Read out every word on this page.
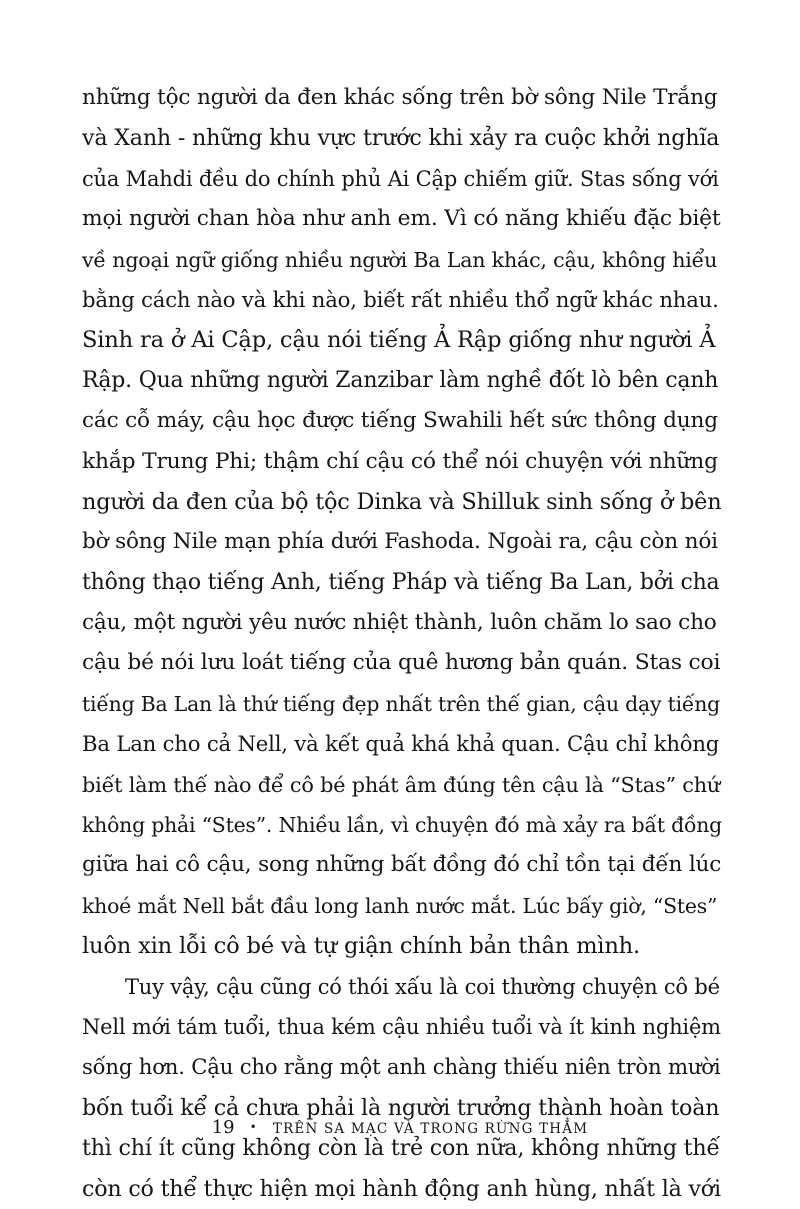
những tộc người da đen khác sống trên bờ sông Nile Trắng
và Xanh - những khu vực trước khi xảy ra cuộc khởi nghĩa
của Mahdi đều do chính phủ Ai Cập chiếm giữ. Stas sống với
mọi người chan hòa như anh em. Vì có năng khiếu đặc biệt
về ngoại ngữ giống nhiều người Ba Lan khác, cậu, không hiểu
bằng cách nào và khi nào, biết rất nhiều thổ ngữ khác nhau.
Sinh ra ở Ai Cập, cậu nói tiếng Ả Rập giống như người Ả
Rập. Qua những người Zanzibar làm nghề đốt lò bên cạnh
các cỗ máy, cậu học được tiếng Swahili hết sức thông dụng
khắp Trung Phi; thậm chí cậu có thể nói chuyện với những
người da đen của bộ tộc Dinka và Shilluk sinh sống ở bên
bờ sông Nile mạn phía dưới Fashoda. Ngoài ra, cậu còn nói
thông thạo tiếng Anh, tiếng Pháp và tiếng Ba Lan, bởi cha
cậu, một người yêu nước nhiệt thành, luôn chăm lo sao cho
cậu bé nói lưu loát tiếng của quê hương bản quán. Stas coi
tiếng Ba Lan là thứ tiếng đẹp nhất trên thế gian, cậu dạy tiếng
Ba Lan cho cả Nell, và kết quả khá khả quan. Cậu chỉ không
biết làm thế nào để cô bé phát âm đúng tên cậu là “Stas” chứ
không phải “Stes”. Nhiều lần, vì chuyện đó mà xảy ra bất đồng
giữa hai cô cậu, song những bất đồng đó chỉ tồn tại đến lúc
khoé mắt Nell bắt đầu long lanh nước mắt. Lúc bấy giờ, “Stes”
luôn xin lỗi cô bé và tự giận chính bản thân mình.
Tuy vậy, cậu cũng có thói xấu là coi thường chuyện cô bé
Nell mới tám tuổi, thua kém cậu nhiều tuổi và ít kinh nghiệm
sống hơn. Cậu cho rằng một anh chàng thiếu niên tròn mười
bốn tuổi kể cả chưa phải là người trưởng thành hoàn toàn
thì chí ít cũng không còn là trẻ con nữa, không những thế
còn có thể thực hiện mọi hành động anh hùng, nhất là với
19 • TRÊN SA MẠC VÀ TRONG RỪNG THẲM
